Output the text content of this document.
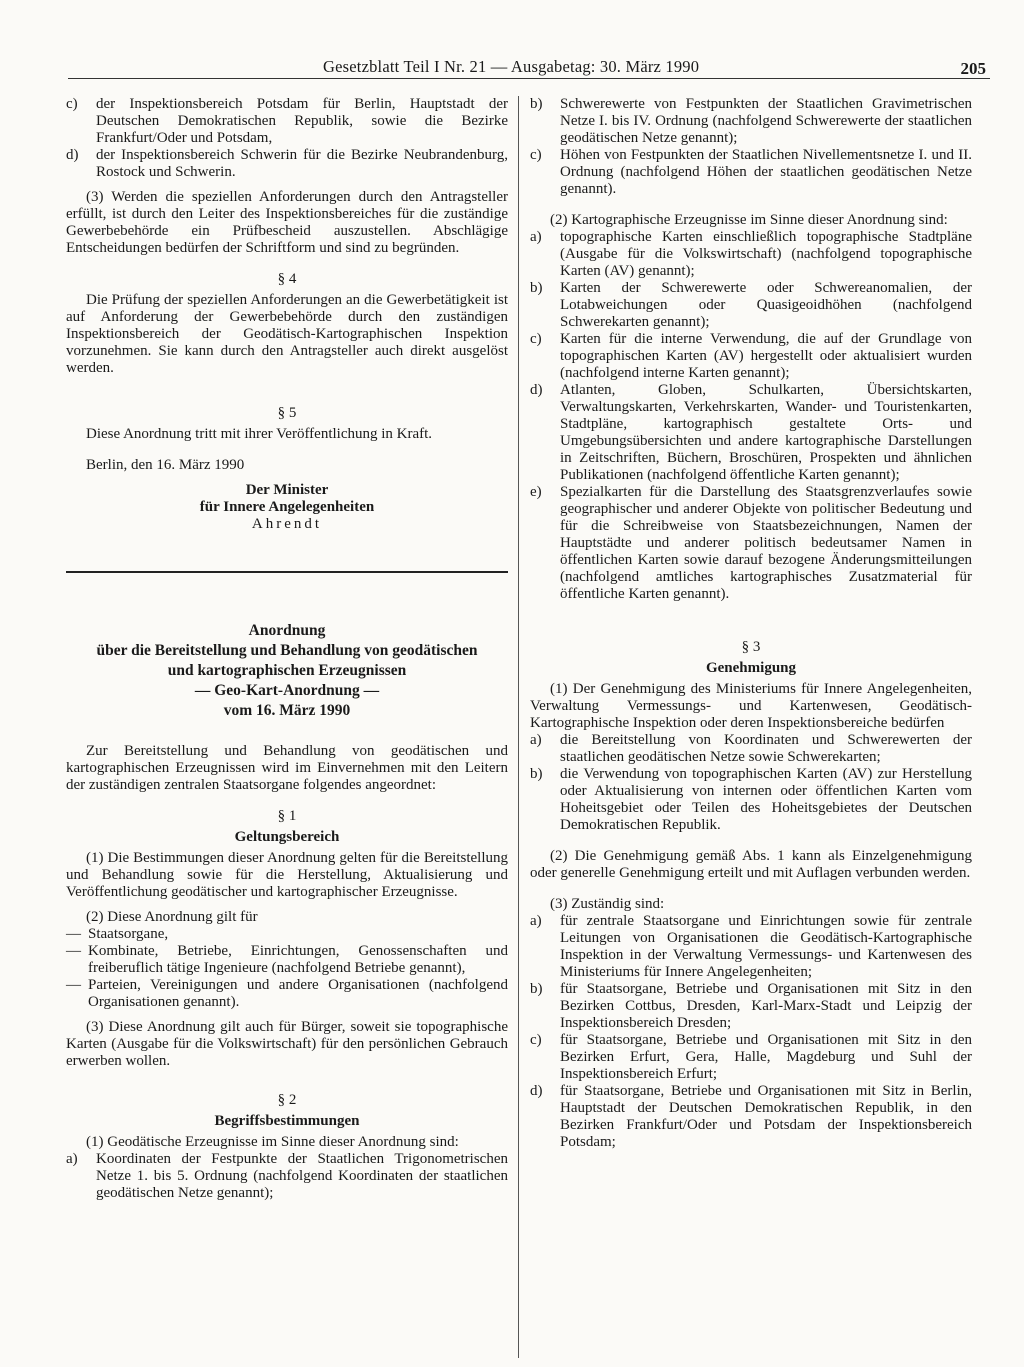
Gesetzblatt Teil I Nr. 21 — Ausgabetag: 30. März 1990	205

c) der Inspektionsbereich Potsdam für Berlin, Hauptstadt der Deutschen Demokratischen Republik, sowie die Bezirke Frankfurt/Oder und Potsdam,

d) der Inspektionsbereich Schwerin für die Bezirke Neubrandenburg, Rostock und Schwerin.

(3) Werden die speziellen Anforderungen durch den Antragsteller erfüllt, ist durch den Leiter des Inspektionsbereiches für die zuständige Gewerbebehörde ein Prüfbescheid auszustellen. Abschlägige Entscheidungen bedürfen der Schriftform und sind zu begründen.

§ 4

Die Prüfung der speziellen Anforderungen an die Gewerbetätigkeit ist auf Anforderung der Gewerbebehörde durch den zuständigen Inspektionsbereich der Geodätisch-Kartographischen Inspektion vorzunehmen. Sie kann durch den Antragsteller auch direkt ausgelöst werden.

§ 5

Diese Anordnung tritt mit ihrer Veröffentlichung in Kraft.

Berlin, den 16. März 1990

Der Minister

für Innere Angelegenheiten

Ahrendt

Anordnung

über die Bereitstellung und Behandlung von geodätischen

und kartographischen Erzeugnissen

— Geo-Kart-Anordnung —

vom 16. März 1990

Zur Bereitstellung und Behandlung von geodätischen und kartographischen Erzeugnissen wird im Einvernehmen mit den Leitern der zuständigen zentralen Staatsorgane folgendes angeordnet:

§ 1

Geltungsbereich

(1) Die Bestimmungen dieser Anordnung gelten für die Bereitstellung und Behandlung sowie für die Herstellung, Aktualisierung und Veröffentlichung geodätischer und kartographischer Erzeugnisse.

(2) Diese Anordnung gilt für

— Staatsorgane,

— Kombinate, Betriebe, Einrichtungen, Genossenschaften und freiberuflich tätige Ingenieure (nachfolgend Betriebe genannt),

— Parteien, Vereinigungen und andere Organisationen (nachfolgend Organisationen genannt).

(3) Diese Anordnung gilt auch für Bürger, soweit sie topographische Karten (Ausgabe für die Volkswirtschaft) für den persönlichen Gebrauch erwerben wollen.

§ 2

Begriffsbestimmungen

(1) Geodätische Erzeugnisse im Sinne dieser Anordnung sind:

a) Koordinaten der Festpunkte der Staatlichen Trigonometrischen Netze 1. bis 5. Ordnung (nachfolgend Koordinaten der staatlichen geodätischen Netze genannt);

b) Schwerewerte von Festpunkten der Staatlichen Gravimetrischen Netze I. bis IV. Ordnung (nachfolgend Schwerewerte der staatlichen geodätischen Netze genannt);

c) Höhen von Festpunkten der Staatlichen Nivellementsnetze I. und II. Ordnung (nachfolgend Höhen der staatlichen geodätischen Netze genannt).

(2) Kartographische Erzeugnisse im Sinne dieser Anordnung sind:

a) topographische Karten einschließlich topographische Stadtpläne (Ausgabe für die Volkswirtschaft) (nachfolgend topographische Karten (AV) genannt);

b) Karten der Schwerewerte oder Schwereanomalien, der Lotabweichungen oder Quasigeoidhöhen (nachfolgend Schwerekarten genannt);

c) Karten für die interne Verwendung, die auf der Grundlage von topographischen Karten (AV) hergestellt oder aktualisiert wurden (nachfolgend interne Karten genannt);

d) Atlanten, Globen, Schulkarten, Übersichtskarten, Verwaltungskarten, Verkehrskarten, Wander- und Touristenkarten, Stadtpläne, kartographisch gestaltete Orts- und Umgebungsübersichten und andere kartographische Darstellungen in Zeitschriften, Büchern, Broschüren, Prospekten und ähnlichen Publikationen (nachfolgend öffentliche Karten genannt);

e) Spezialkarten für die Darstellung des Staatsgrenzverlaufes sowie geographischer und anderer Objekte von politischer Bedeutung und für die Schreibweise von Staatsbezeichnungen, Namen der Hauptstädte und anderer politisch bedeutsamer Namen in öffentlichen Karten sowie darauf bezogene Änderungsmitteilungen (nachfolgend amtliches kartographisches Zusatzmaterial für öffentliche Karten genannt).

§ 3

Genehmigung

(1) Der Genehmigung des Ministeriums für Innere Angelegenheiten, Verwaltung Vermessungs- und Kartenwesen, Geodätisch-Kartographische Inspektion oder deren Inspektionsbereiche bedürfen

a) die Bereitstellung von Koordinaten und Schwerewerten der staatlichen geodätischen Netze sowie Schwerekarten;

b) die Verwendung von topographischen Karten (AV) zur Herstellung oder Aktualisierung von internen oder öffentlichen Karten vom Hoheitsgebiet oder Teilen des Hoheitsgebietes der Deutschen Demokratischen Republik.

(2) Die Genehmigung gemäß Abs. 1 kann als Einzelgenehmigung oder generelle Genehmigung erteilt und mit Auflagen verbunden werden.

(3) Zuständig sind:

a) für zentrale Staatsorgane und Einrichtungen sowie für zentrale Leitungen von Organisationen die Geodätisch-Kartographische Inspektion in der Verwaltung Vermessungs- und Kartenwesen des Ministeriums für Innere Angelegenheiten;

b) für Staatsorgane, Betriebe und Organisationen mit Sitz in den Bezirken Cottbus, Dresden, Karl-Marx-Stadt und Leipzig der Inspektionsbereich Dresden;

c) für Staatsorgane, Betriebe und Organisationen mit Sitz in den Bezirken Erfurt, Gera, Halle, Magdeburg und Suhl der Inspektionsbereich Erfurt;

d) für Staatsorgane, Betriebe und Organisationen mit Sitz in Berlin, Hauptstadt der Deutschen Demokratischen Republik, in den Bezirken Frankfurt/Oder und Potsdam der Inspektionsbereich Potsdam;
